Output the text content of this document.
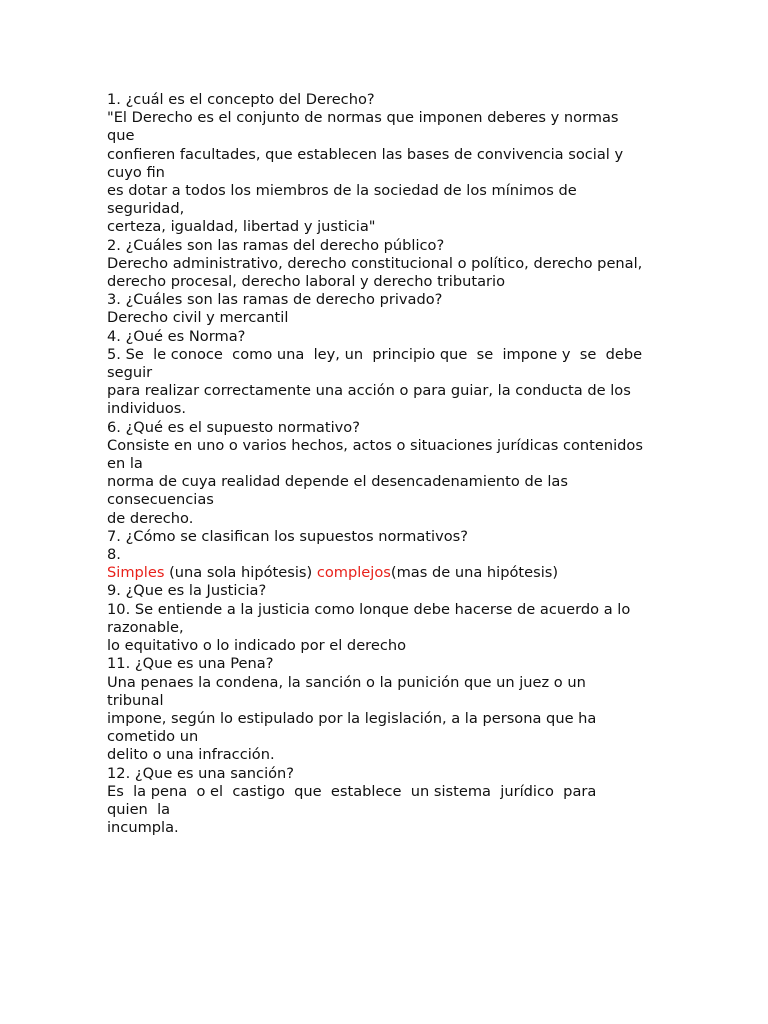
1. ¿cuál es el concepto del Derecho?
"El Derecho es el conjunto de normas que imponen deberes y normas
que
confieren facultades, que establecen las bases de convivencia social y
cuyo fin
es dotar a todos los miembros de la sociedad de los mínimos de
seguridad,
certeza, igualdad, libertad y justicia"
2. ¿Cuáles son las ramas del derecho público?
Derecho administrativo, derecho constitucional o político, derecho penal,
derecho procesal, derecho laboral y derecho tributario
3. ¿Cuáles son las ramas de derecho privado?
Derecho civil y mercantil
4. ¿Oué es Norma?
5. Se  le conoce  como una  ley, un  principio que  se  impone y  se  debe
seguir
para realizar correctamente una acción o para guiar, la conducta de los
individuos.
6. ¿Qué es el supuesto normativo?
Consiste en uno o varios hechos, actos o situaciones jurídicas contenidos
en la
norma de cuya realidad depende el desencadenamiento de las
consecuencias
de derecho.
7. ¿Cómo se clasifican los supuestos normativos?
8.
Simples (una sola hipótesis) complejos(mas de una hipótesis)
9. ¿Que es la Justicia?
10. Se entiende a la justicia como lonque debe hacerse de acuerdo a lo
razonable,
lo equitativo o lo indicado por el derecho
11. ¿Que es una Pena?
Una penaes la condena, la sanción o la punición que un juez o un
tribunal
impone, según lo estipulado por la legislación, a la persona que ha
cometido un
delito o una infracción.
12. ¿Que es una sanción?
Es  la pena  o el  castigo  que  establece  un sistema  jurídico  para
quien  la
incumpla.
